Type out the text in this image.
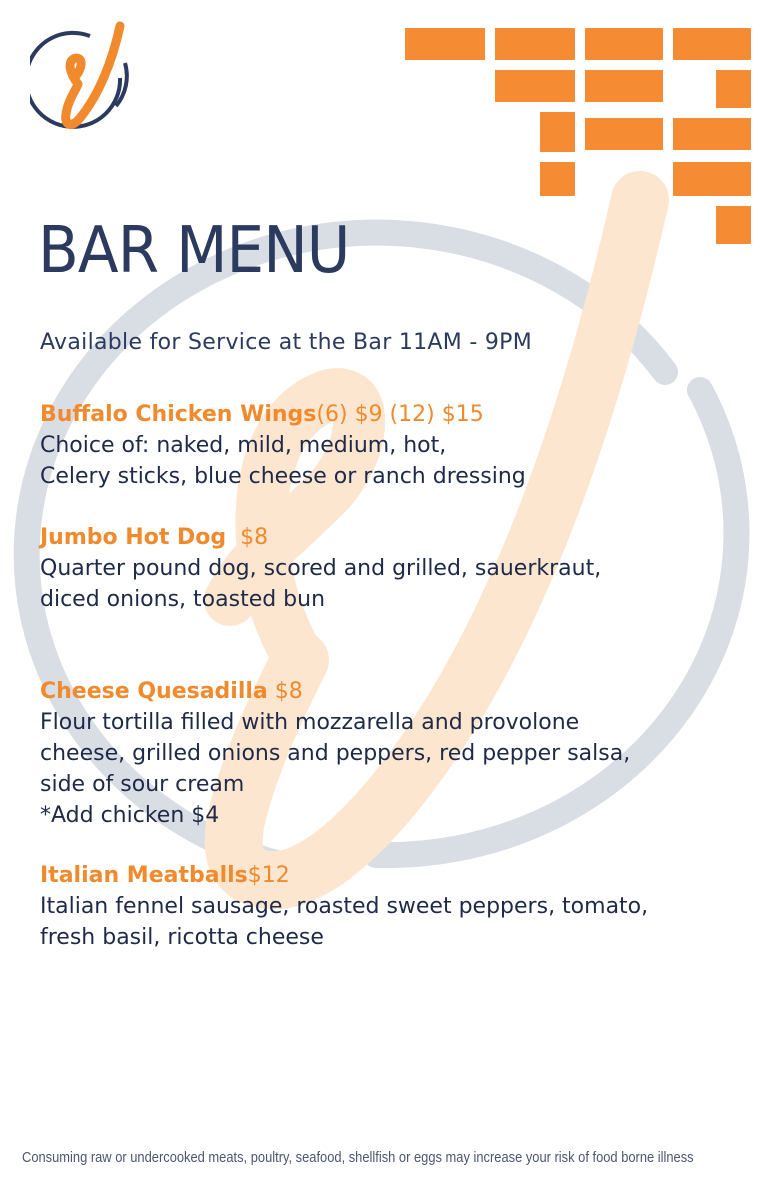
BAR MENU

Available for Service at the Bar 11AM - 9PM

Buffalo Chicken Wings(6) $9 (12) $15

Choice of: naked, mild, medium, hot,

Celery sticks, blue cheese or ranch dressing

Jumbo Hot Dog $8

Quarter pound dog, scored and grilled, sauerkraut,

diced onions, toasted bun

Cheese Quesadilla $8

Flour tortilla filled with mozzarella and provolone

cheese, grilled onions and peppers, red pepper salsa,

side of sour cream

*Add chicken $4

Italian Meatballs$12

Italian fennel sausage, roasted sweet peppers, tomato,

fresh basil, ricotta cheese

Consuming raw or undercooked meats, poultry, seafood, shellfish or eggs may increase your risk of food borne illness
